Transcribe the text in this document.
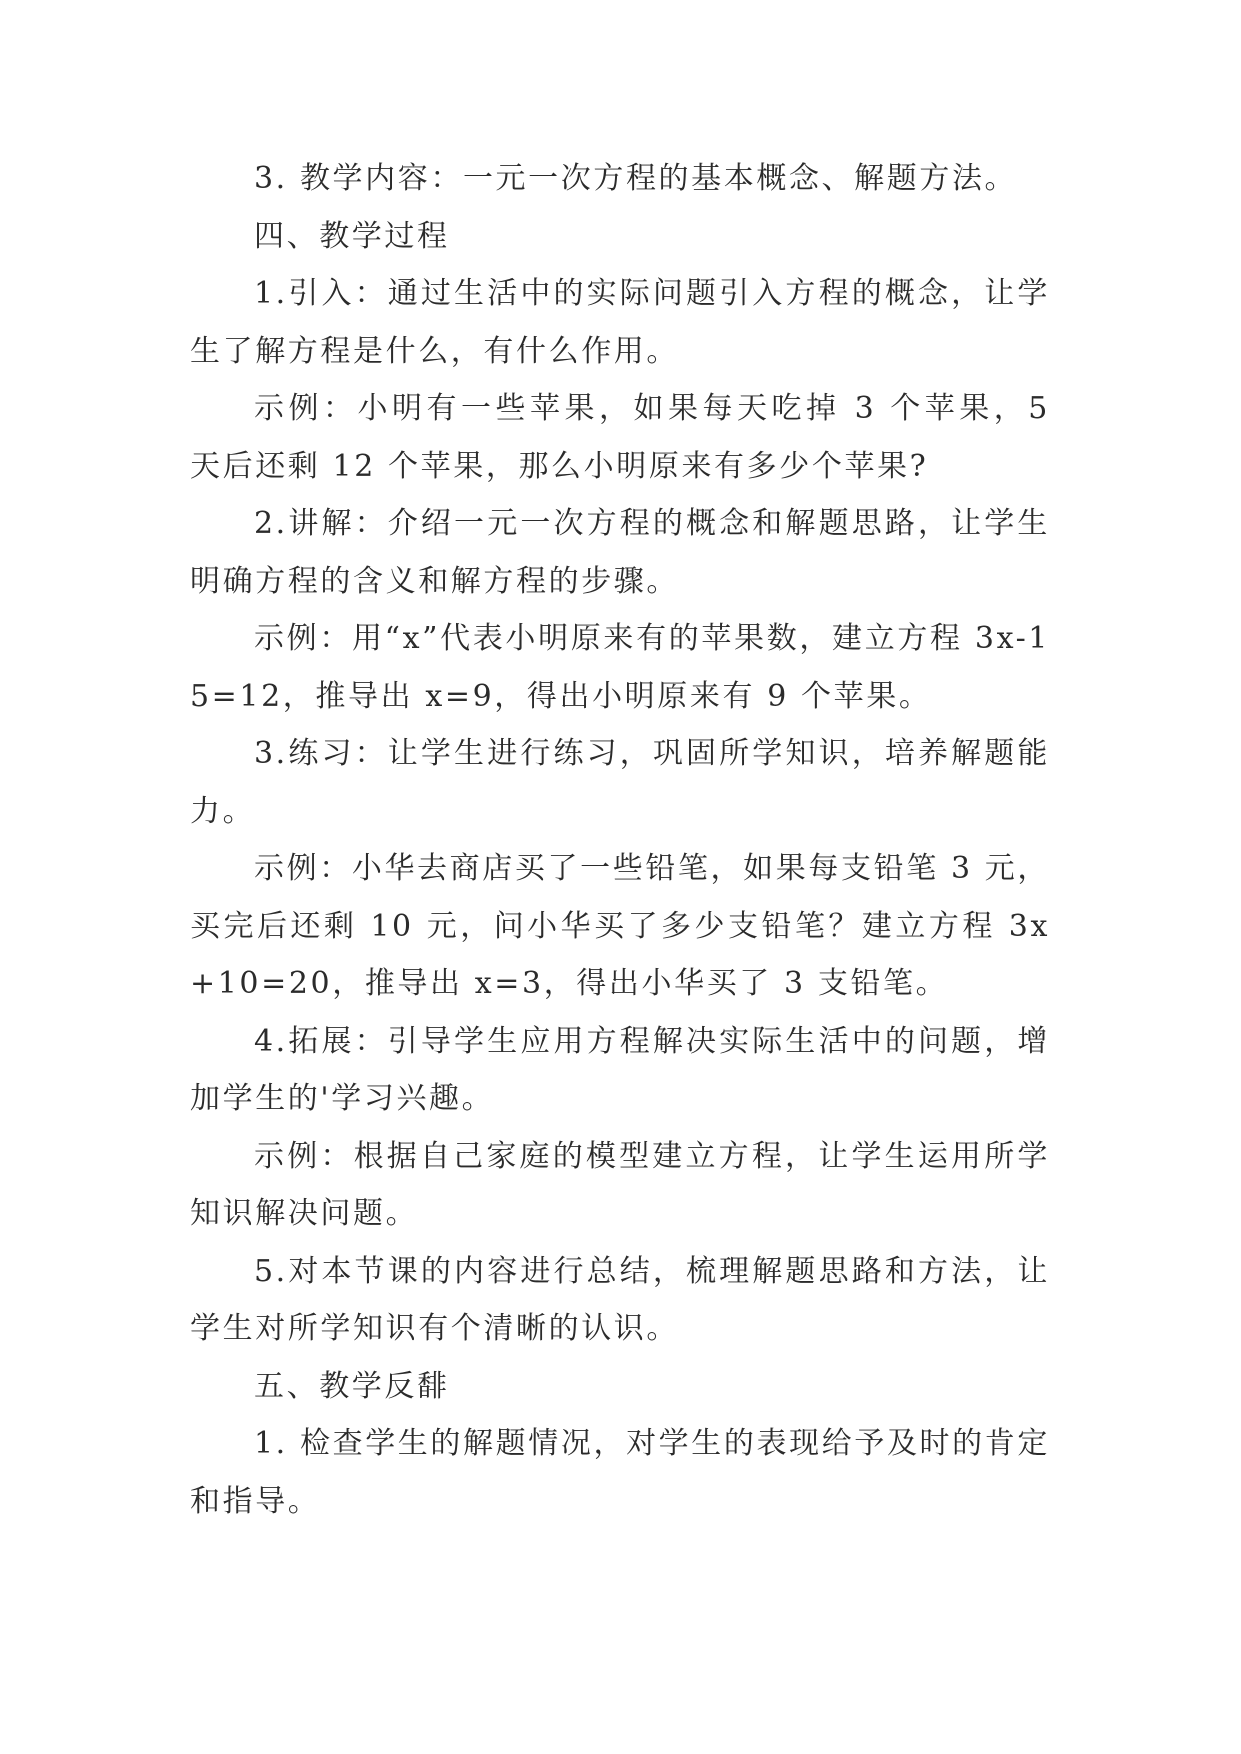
3. 教学内容：一元一次方程的基本概念、解题方法。

四、教学过程

1.引入：通过生活中的实际问题引入方程的概念，让学生了解方程是什么，有什么作用。

示例：小明有一些苹果，如果每天吃掉 3 个苹果，5 天后还剩 12 个苹果，那么小明原来有多少个苹果?

2.讲解：介绍一元一次方程的概念和解题思路，让学生明确方程的含义和解方程的步骤。

示例：用“x”代表小明原来有的苹果数，建立方程 3x-15=12，推导出 x=9，得出小明原来有 9 个苹果。

3.练习：让学生进行练习，巩固所学知识，培养解题能力。

示例：小华去商店买了一些铅笔，如果每支铅笔 3 元，买完后还剩 10 元，问小华买了多少支铅笔？建立方程 3x+10=20，推导出 x=3，得出小华买了 3 支铅笔。

4.拓展：引导学生应用方程解决实际生活中的问题，增加学生的'学习兴趣。

示例：根据自己家庭的模型建立方程，让学生运用所学知识解决问题。

5.对本节课的内容进行总结，梳理解题思路和方法，让学生对所学知识有个清晰的认识。

五、教学反馡

1. 检查学生的解题情况，对学生的表现给予及时的肯定和指导。
